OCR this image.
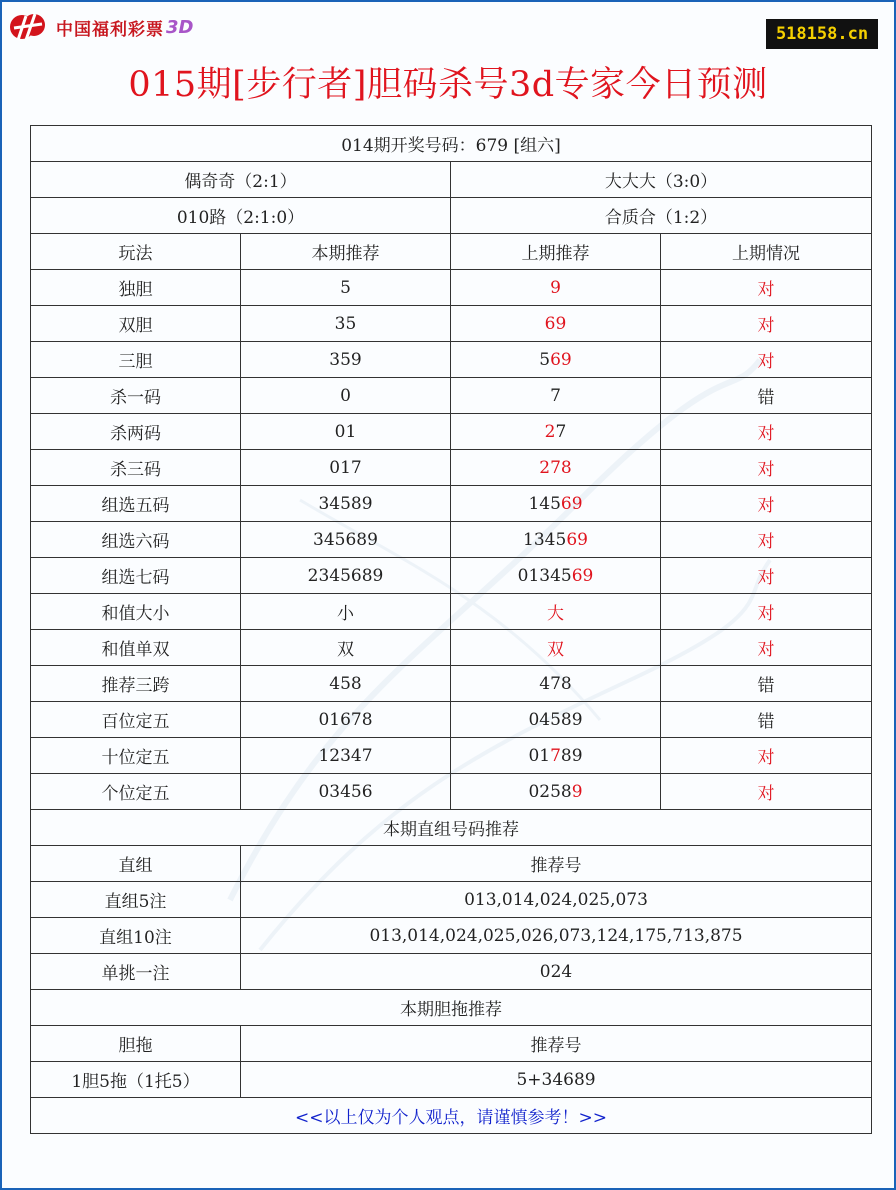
中国福利彩票 3D	518158.cn
015期[步行者]胆码杀号3d专家今日预测
014期开奖号码：679 [组六]			
偶奇奇（2:1）		大大大（3:0）	
010路（2:1:0）		合质合（1:2）	
玩法	本期推荐	上期推荐	上期情况
独胆	5	9	对
双胆	35	69	对
三胆	359	569	对
杀一码	0	7	错
杀两码	01	27	对
杀三码	017	278	对
组选五码	34589	14569	对
组选六码	345689	134569	对
组选七码	2345689	0134569	对
和值大小	小	大	对
和值单双	双	双	对
推荐三跨	458	478	错
百位定五	01678	04589	错
十位定五	12347	01789	对
个位定五	03456	02589	对
本期直组号码推荐			
直组	推荐号		
直组5注	013,014,024,025,073		
直组10注	013,014,024,025,026,073,124,175,713,875		
单挑一注	024		
本期胆拖推荐			
胆拖	推荐号		
1胆5拖（1托5）	5+34689		
<<以上仅为个人观点，请谨慎参考！>>			
